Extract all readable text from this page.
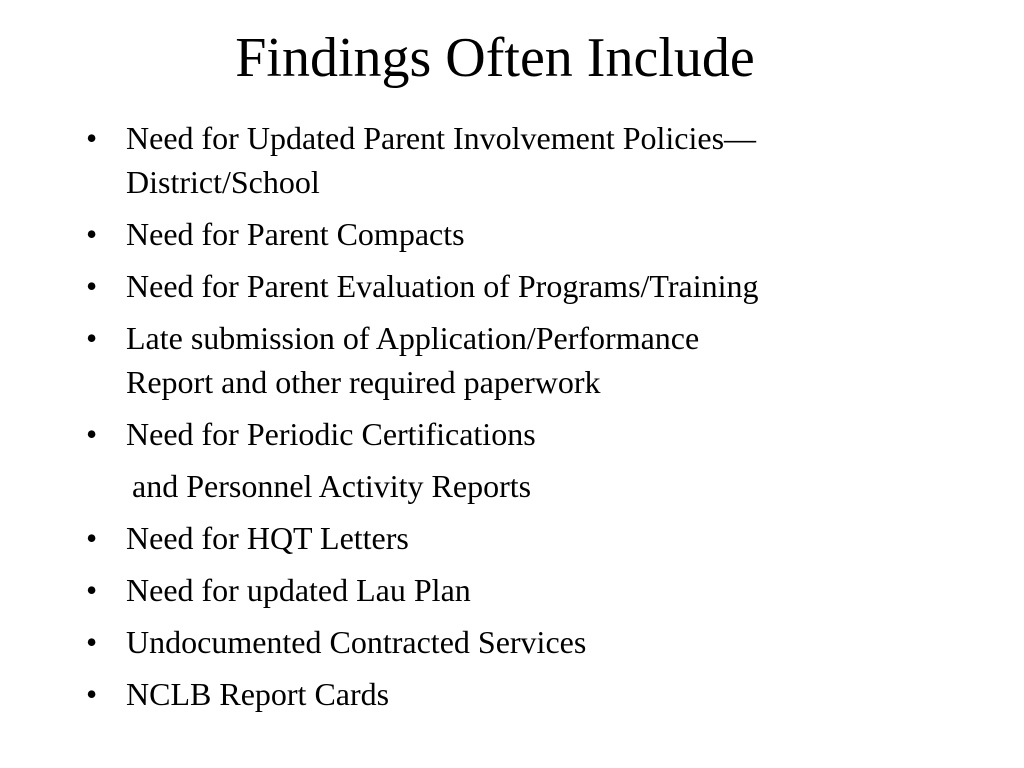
Findings Often Include
• Need for Updated Parent Involvement Policies—
District/School
• Need for Parent Compacts
• Need for Parent Evaluation of Programs/Training
• Late submission of Application/Performance
Report and other required paperwork
• Need for Periodic Certifications
and Personnel Activity Reports
• Need for HQT Letters
• Need for updated Lau Plan
• Undocumented Contracted Services
• NCLB Report Cards
